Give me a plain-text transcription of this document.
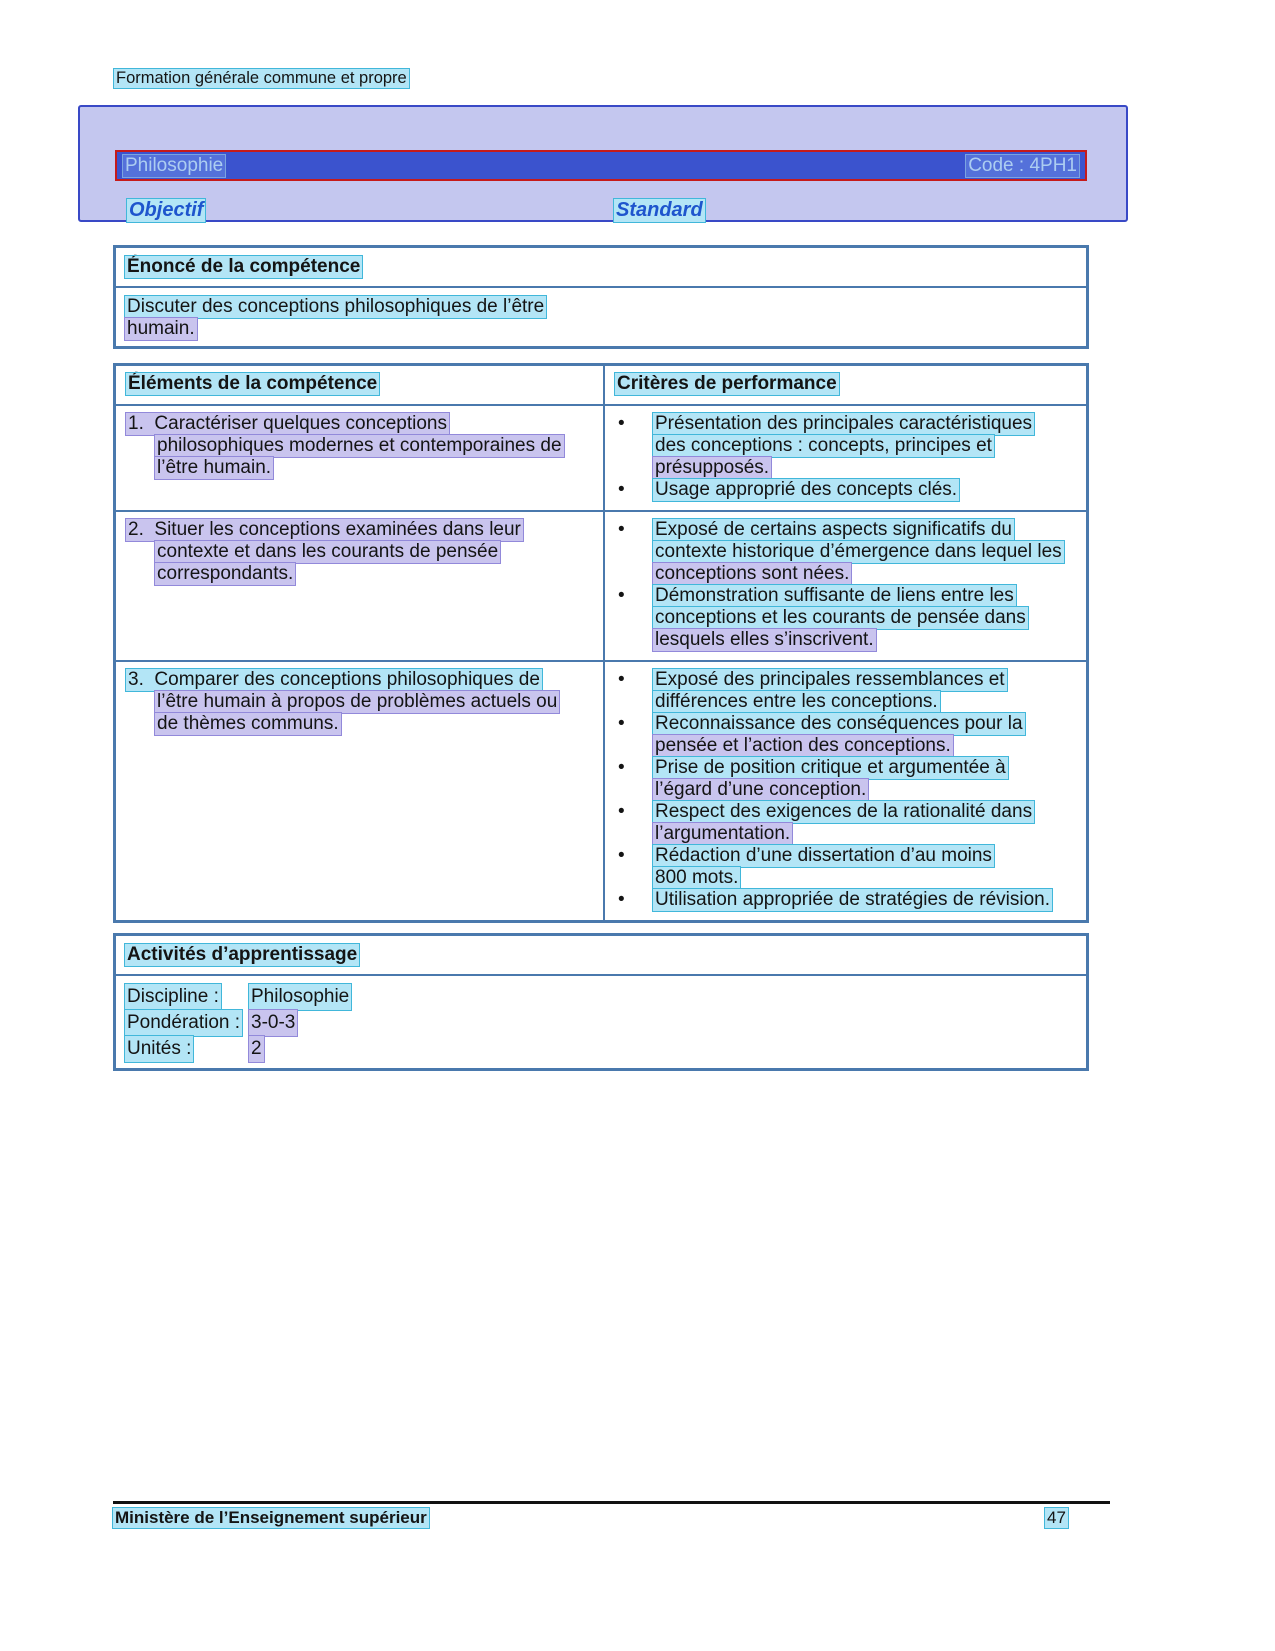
Formation générale commune et propre
Philosophie	Code : 4PH1
Objectif	Standard
Énoncé de la compétence
Discuter des conceptions philosophiques de l’être
humain.
Éléments de la compétence	Critères de performance
1.  Caractériser quelques conceptions
philosophiques modernes et contemporaines de
l’être humain.
•	Présentation des principales caractéristiques
des conceptions : concepts, principes et
présupposés.
•	Usage approprié des concepts clés.
2.  Situer les conceptions examinées dans leur
contexte et dans les courants de pensée
correspondants.
•	Exposé de certains aspects significatifs du
contexte historique d’émergence dans lequel les
conceptions sont nées.
•	Démonstration suffisante de liens entre les
conceptions et les courants de pensée dans
lesquels elles s’inscrivent.
3.  Comparer des conceptions philosophiques de
l’être humain à propos de problèmes actuels ou
de thèmes communs.
•	Exposé des principales ressemblances et
différences entre les conceptions.
•	Reconnaissance des conséquences pour la
pensée et l’action des conceptions.
•	Prise de position critique et argumentée à
l’égard d’une conception.
•	Respect des exigences de la rationalité dans
l’argumentation.
•	Rédaction d’une dissertation d’au moins
800 mots.
•	Utilisation appropriée de stratégies de révision.
Activités d’apprentissage
Discipline : Philosophie
Pondération : 3-0-3
Unités :	2
Ministère de l’Enseignement supérieur	47
